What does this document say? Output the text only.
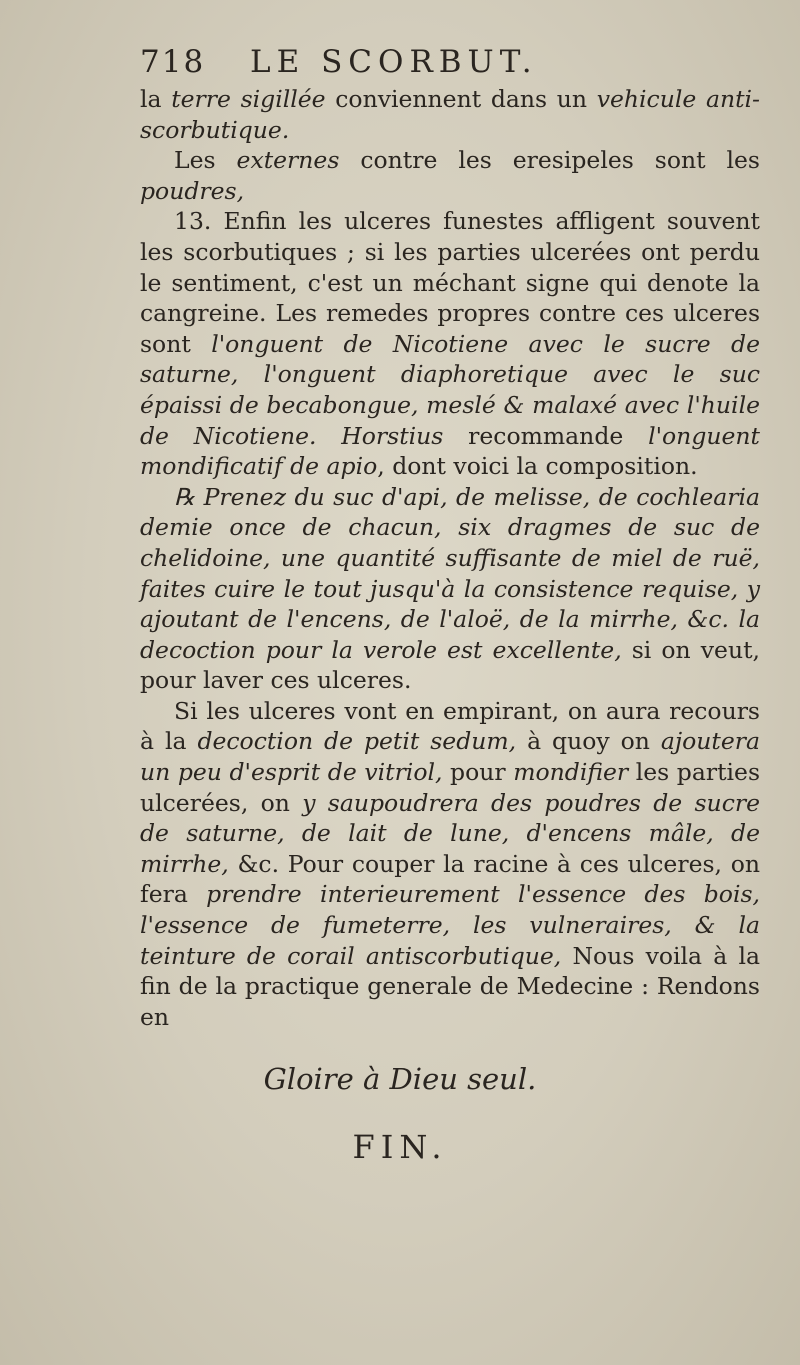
718	LE SCORBUT.

la terre sigillée conviennent dans un vehicule anti-scorbutique.

Les externes contre les eresipeles sont les poudres,

13. Enfin les ulceres funestes affligent souvent les scorbutiques ; si les parties ulcerées ont perdu le sentiment, c'est un méchant signe qui denote la cangreine. Les remedes propres contre ces ulceres sont l'onguent de Nicotiene avec le sucre de saturne, l'onguent diaphoretique avec le suc épaissi de becabongue, meslé & malaxé avec l'huile de Nicotiene. Horstius recommande l'onguent mondificatif de apio, dont voici la composition.

℞ Prenez du suc d'api, de melisse, de cochlearia demie once de chacun, six dragmes de suc de chelidoine, une quantité suffisante de miel de ruë, faites cuire le tout jusqu'à la consistence requise, y ajoutant de l'encens, de l'aloë, de la mirrhe, &c. la decoction pour la verole est excellente, si on veut, pour laver ces ulceres.

Si les ulceres vont en empirant, on aura recours à la decoction de petit sedum, à quoy on ajoutera un peu d'esprit de vitriol, pour mondifier les parties ulcerées, on y saupoudrera des poudres de sucre de saturne, de lait de lune, d'encens mâle, de mirrhe, &c. Pour couper la racine à ces ulceres, on fera prendre interieurement l'essence des bois, l'essence de fumeterre, les vulneraires, & la teinture de corail antiscorbutique, Nous voila à la fin de la practique generale de Medecine : Rendons en

Gloire à Dieu seul.
FIN.
